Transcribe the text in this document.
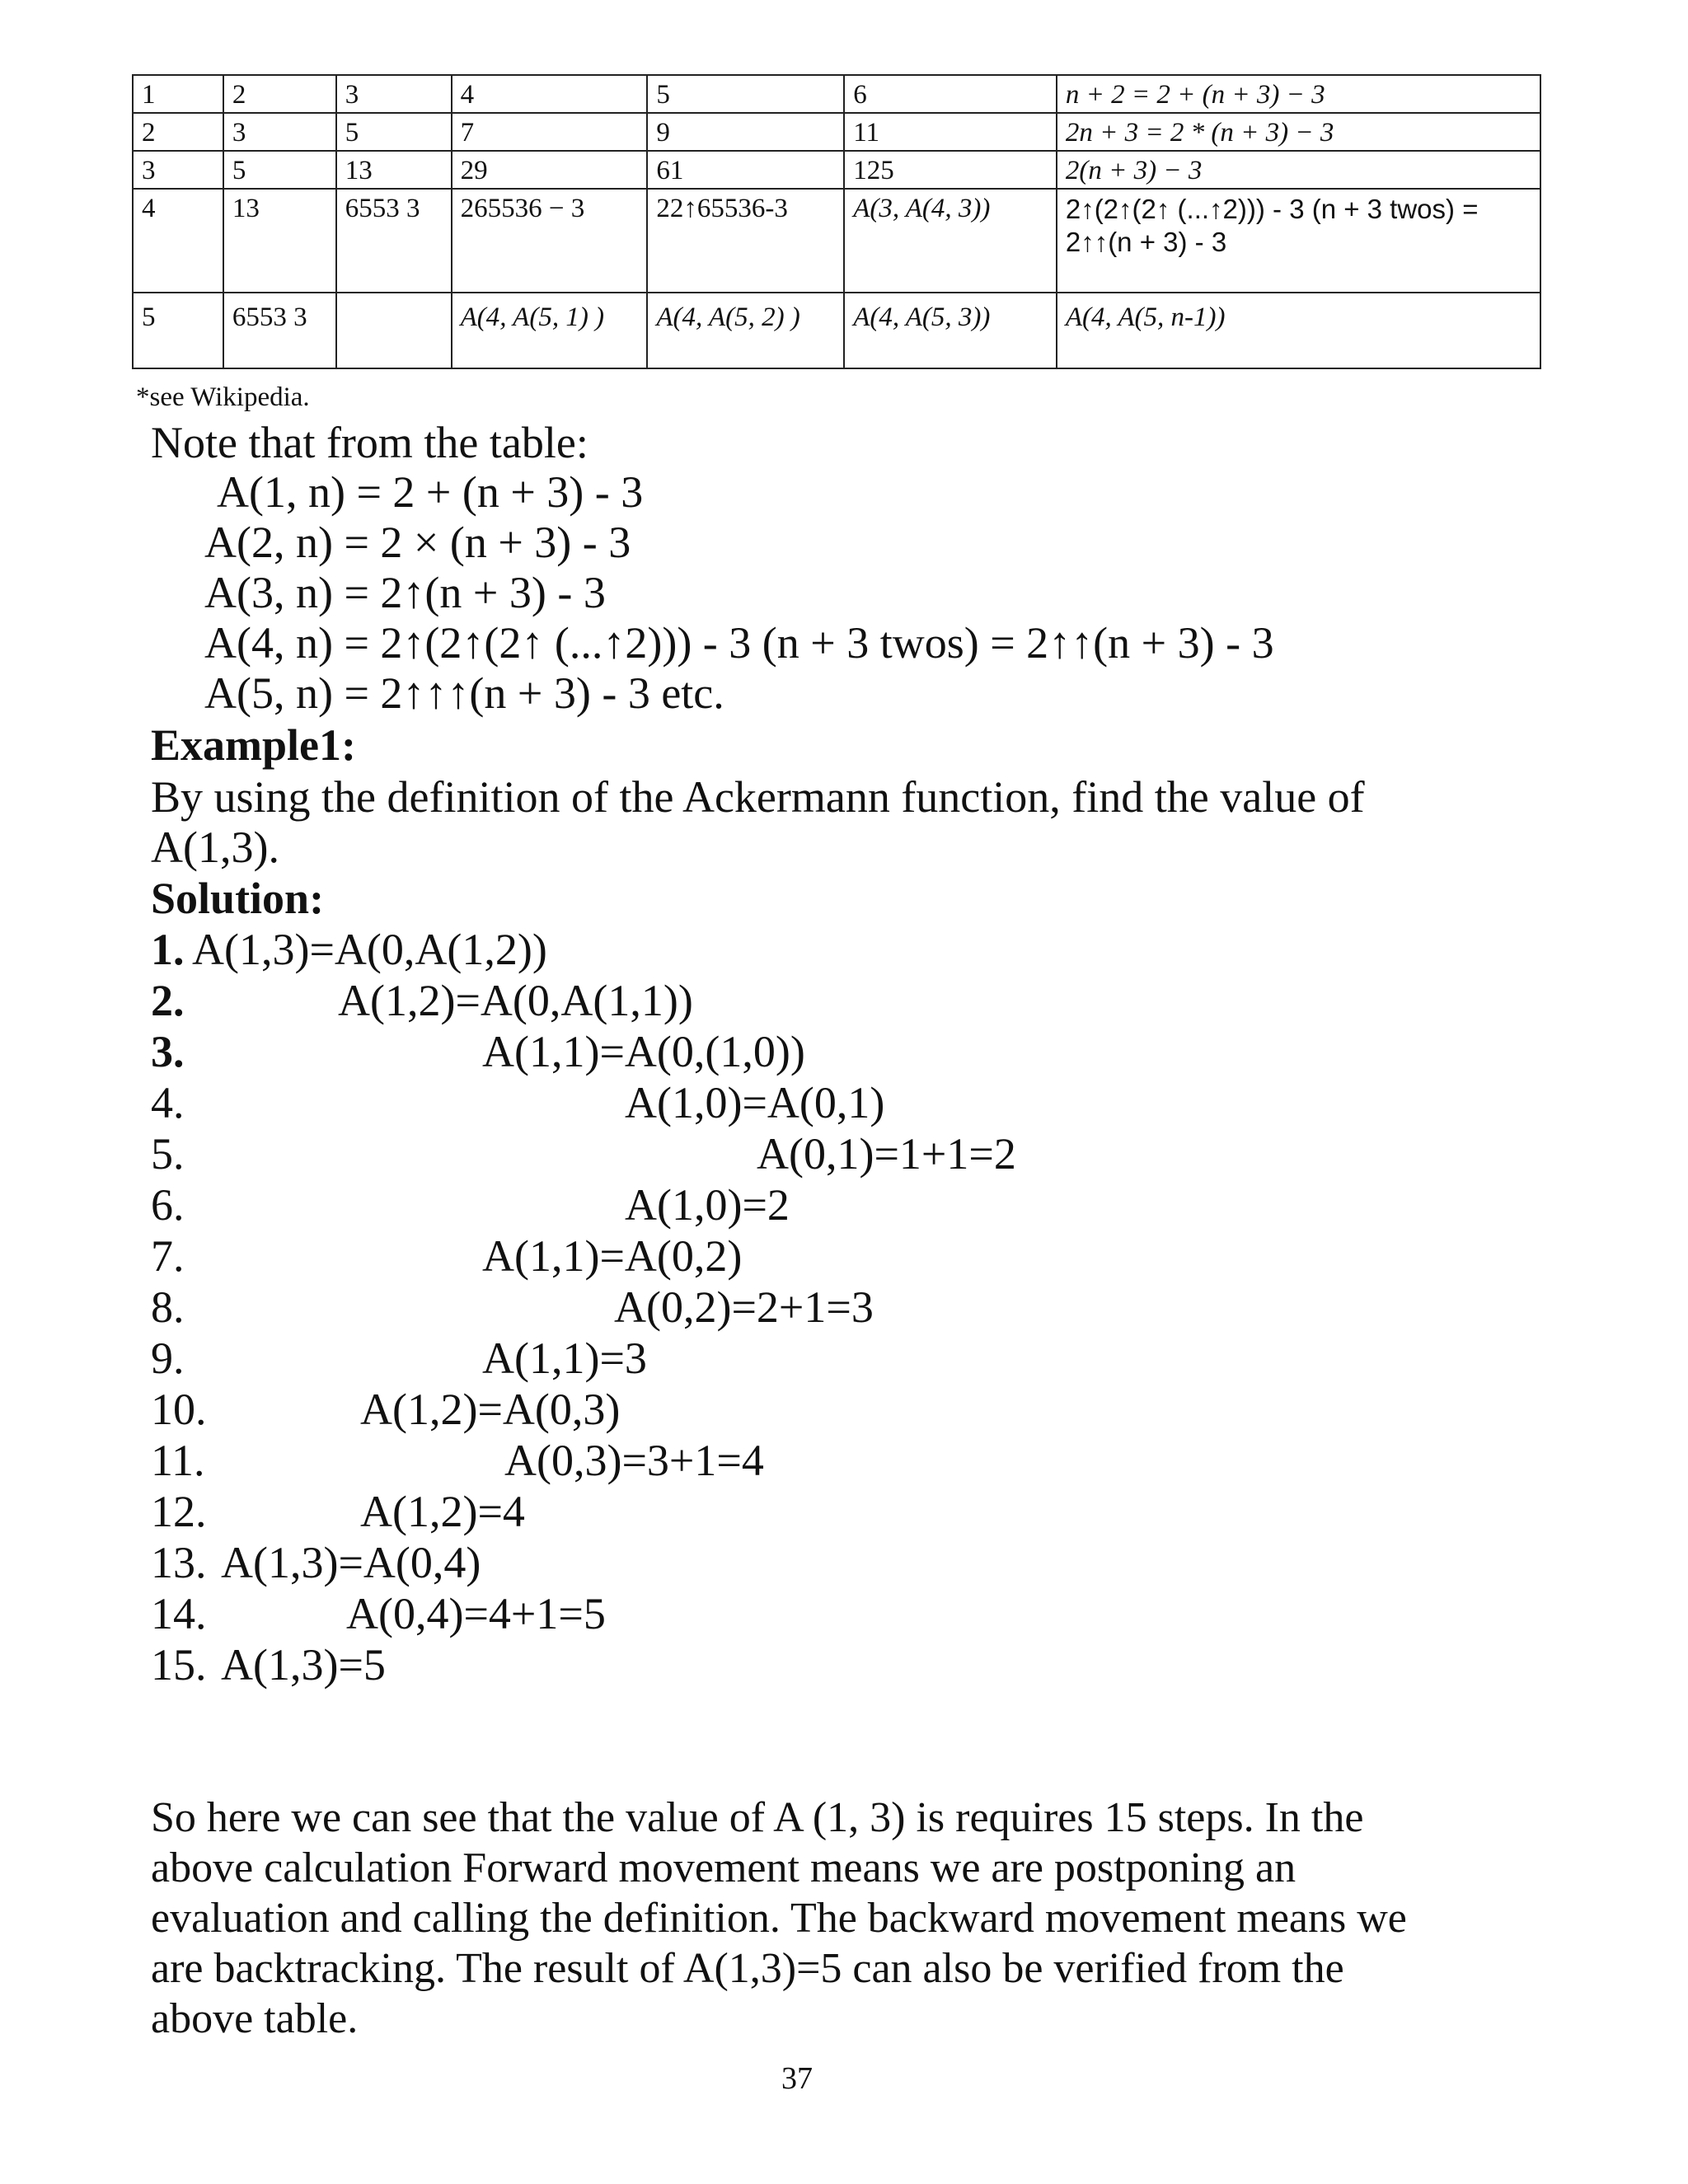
1	2	3	4	5	6	n + 2 = 2 + (n + 3) − 3
2	3	5	7	9	11	2n + 3 = 2 * (n + 3) − 3
3	5	13	29	61	125	2(n + 3) − 3
4	13	6553 3	265536 − 3	22↑65536-3	A(3, A(4, 3))	2↑(2↑(2↑ (...↑2))) - 3 (n + 3 twos) = 2↑↑(n + 3) - 3
5	6553 3		A(4, A(5, 1) )	A(4, A(5, 2) )	A(4, A(5, 3))	A(4, A(5, n-1))
*see Wikipedia.
Note that from the table:
A(1, n) = 2 + (n + 3) - 3
A(2, n) = 2 × (n + 3) - 3
A(3, n) = 2↑(n + 3) - 3
A(4, n) = 2↑(2↑(2↑ (...↑2))) - 3 (n + 3 twos) = 2↑↑(n + 3) - 3
A(5, n) = 2↑↑↑(n + 3) - 3 etc.
Example1:
By using the definition of the Ackermann function, find the value of
A(1,3).
Solution:
1. A(1,3)=A(0,A(1,2))
2.	A(1,2)=A(0,A(1,1))
3.	A(1,1)=A(0,(1,0))
4.	A(1,0)=A(0,1)
5.	A(0,1)=1+1=2
6.	A(1,0)=2
7.	A(1,1)=A(0,2)
8.	A(0,2)=2+1=3
9.	A(1,1)=3
10.	A(1,2)=A(0,3)
11.	A(0,3)=3+1=4
12.	A(1,2)=4
13. A(1,3)=A(0,4)
14.	A(0,4)=4+1=5
15. A(1,3)=5
So here we can see that the value of A (1, 3) is requires 15 steps. In the above calculation Forward movement means we are postponing an evaluation and calling the definition. The backward movement means we are backtracking. The result of A(1,3)=5 can also be verified from the above table.
37
